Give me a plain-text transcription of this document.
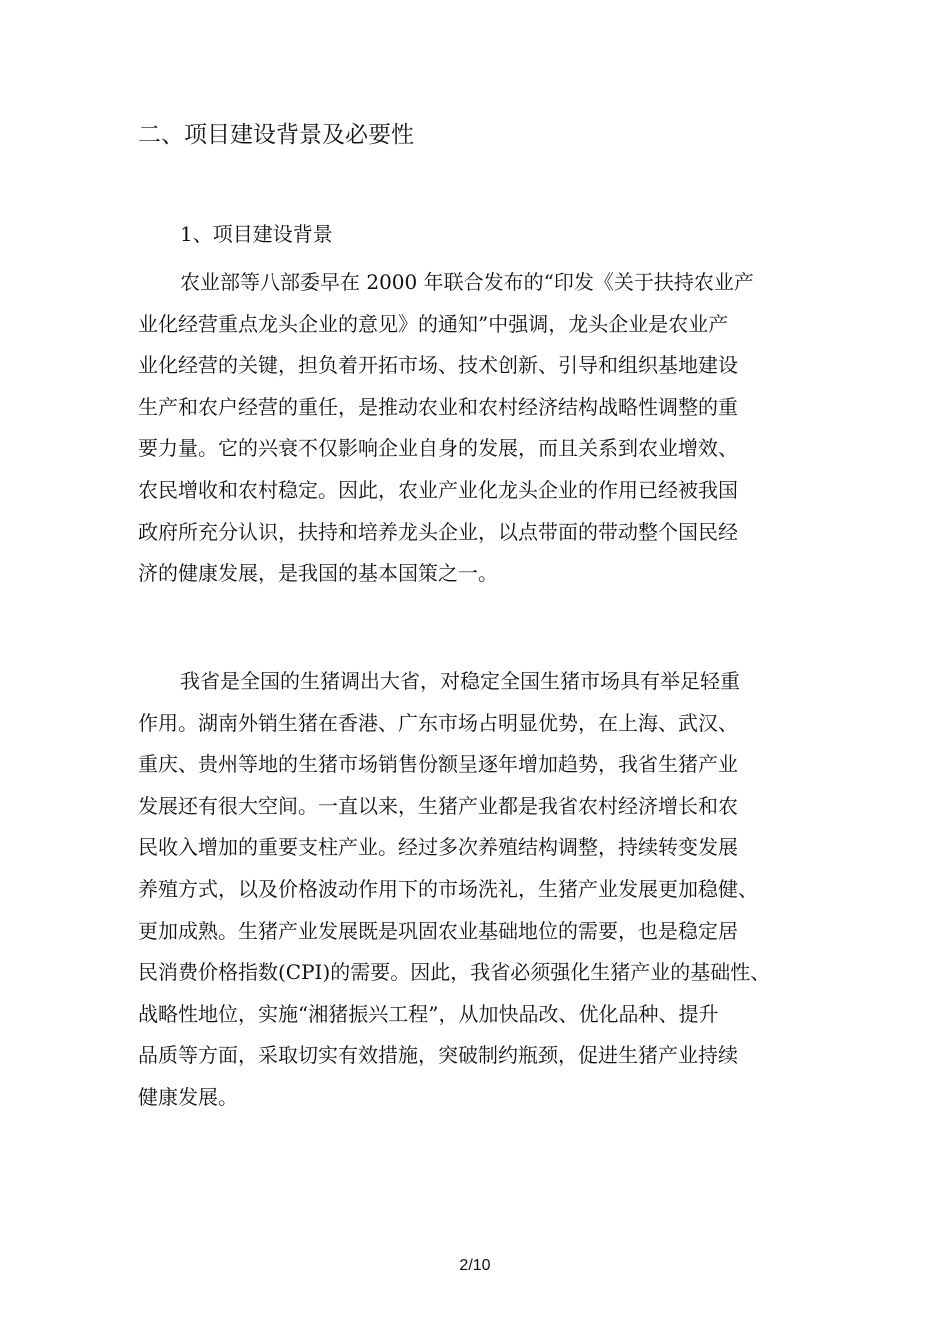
二、项目建设背景及必要性
1、项目建设背景

农业部等八部委早在 2000 年联合发布的“印发《关于扶持农业产
业化经营重点龙头企业的意见》的通知”中强调，龙头企业是农业产
业化经营的关键，担负着开拓市场、技术创新、引导和组织基地建设
生产和农户经营的重任，是推动农业和农村经济结构战略性调整的重
要力量。它的兴衰不仅影响企业自身的发展，而且关系到农业增效、
农民增收和农村稳定。因此，农业产业化龙头企业的作用已经被我国
政府所充分认识，扶持和培养龙头企业，以点带面的带动整个国民经
济的健康发展，是我国的基本国策之一。

我省是全国的生猪调出大省，对稳定全国生猪市场具有举足轻重
作用。湖南外销生猪在香港、广东市场占明显优势，在上海、武汉、
重庆、贵州等地的生猪市场销售份额呈逐年增加趋势，我省生猪产业
发展还有很大空间。一直以来，生猪产业都是我省农村经济增长和农
民收入增加的重要支柱产业。经过多次养殖结构调整，持续转变发展
养殖方式，以及价格波动作用下的市场洗礼，生猪产业发展更加稳健、
更加成熟。生猪产业发展既是巩固农业基础地位的需要，也是稳定居
民消费价格指数(CPI)的需要。因此，我省必须强化生猪产业的基础性、
战略性地位，实施“湘猪振兴工程”，从加快品改、优化品种、提升
品质等方面，采取切实有效措施，突破制约瓶颈，促进生猪产业持续
健康发展。

2/10
